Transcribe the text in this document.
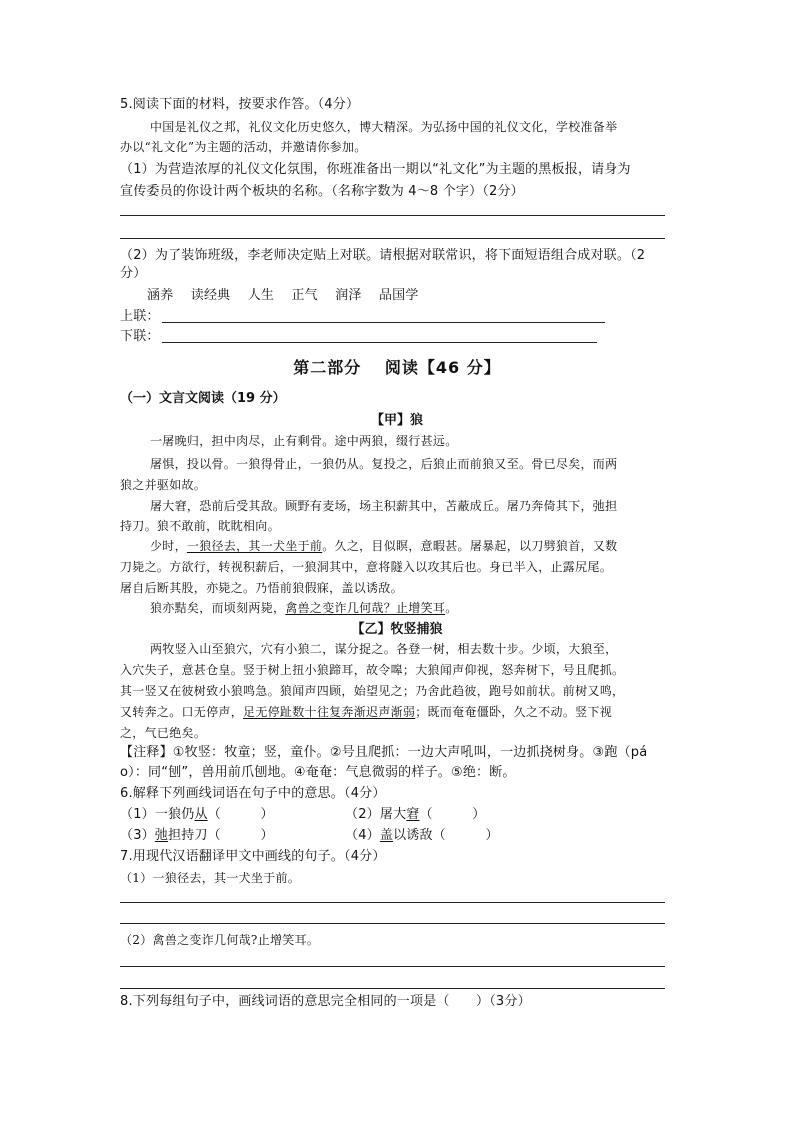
5.阅读下面的材料，按要求作答。（4分）
中国是礼仪之邦，礼仪文化历史悠久，博大精深。为弘扬中国的礼仪文化，学校准备举
办以“礼文化”为主题的活动，并邀请你参加。
（1）为营造浓厚的礼仪文化氛围，你班准备出一期以“礼文化”为主题的黑板报，请身为
宣传委员的你设计两个板块的名称。（名称字数为 4～8 个字）（2分）
（2）为了装饰班级，李老师决定贴上对联。请根据对联常识，将下面短语组合成对联。（2
分）
涵养 读经典 人生 正气 润泽 品国学
上联：
下联：
第二部分　 阅读【46 分】
（一）文言文阅读（19 分）
【甲】狼
一屠晚归，担中肉尽，止有剩骨。途中两狼，缀行甚远。
屠惧，投以骨。一狼得骨止，一狼仍从。复投之，后狼止而前狼又至。骨已尽矣，而两
狼之并驱如故。
屠大窘，恐前后受其敌。顾野有麦场，场主积薪其中，苫蔽成丘。屠乃奔倚其下，弛担
持刀。狼不敢前，眈眈相向。
少时，一狼径去，其一犬坐于前。久之，目似瞑，意暇甚。屠暴起，以刀劈狼首，又数
刀毙之。方欲行，转视积薪后，一狼洞其中，意将隧入以攻其后也。身已半入，止露尻尾。
屠自后断其股，亦毙之。乃悟前狼假寐，盖以诱敌。
狼亦黠矣，而顷刻两毙，禽兽之变诈几何哉？止增笑耳。
【乙】牧竖捕狼
两牧竖入山至狼穴，穴有小狼二，谋分捉之。各登一树，相去数十步。少顷，大狼至，
入穴失子，意甚仓皇。竖于树上扭小狼蹄耳，故令嗥；大狼闻声仰视，怒奔树下，号且爬抓。
其一竖又在彼树致小狼鸣急。狼闻声四顾，始望见之；乃舍此趋彼，跑号如前状。前树又鸣，
又转奔之。口无停声，足无停趾数十往复奔渐迟声渐弱；既而奄奄僵卧，久之不动。竖下视
之，气已绝矣。
【注释】①牧竖：牧童；竖，童仆。②号且爬抓：一边大声吼叫，一边抓挠树身。③跑（pá
o）：同“刨”，兽用前爪刨地。④奄奄：气息微弱的样子。⑤绝：断。
6.解释下列画线词语在句子中的意思。（4分）
（1）一狼仍从（　　　）	（2）屠大窘（　　　）
（3）弛担持刀（　　　）	（4）盖以诱敌（　　　）
7.用现代汉语翻译甲文中画线的句子。（4分）
（1）一狼径去，其一犬坐于前。
（2）禽兽之变诈几何哉?止增笑耳。
8.下列每组句子中，画线词语的意思完全相同的一项是（　　）（3分）
